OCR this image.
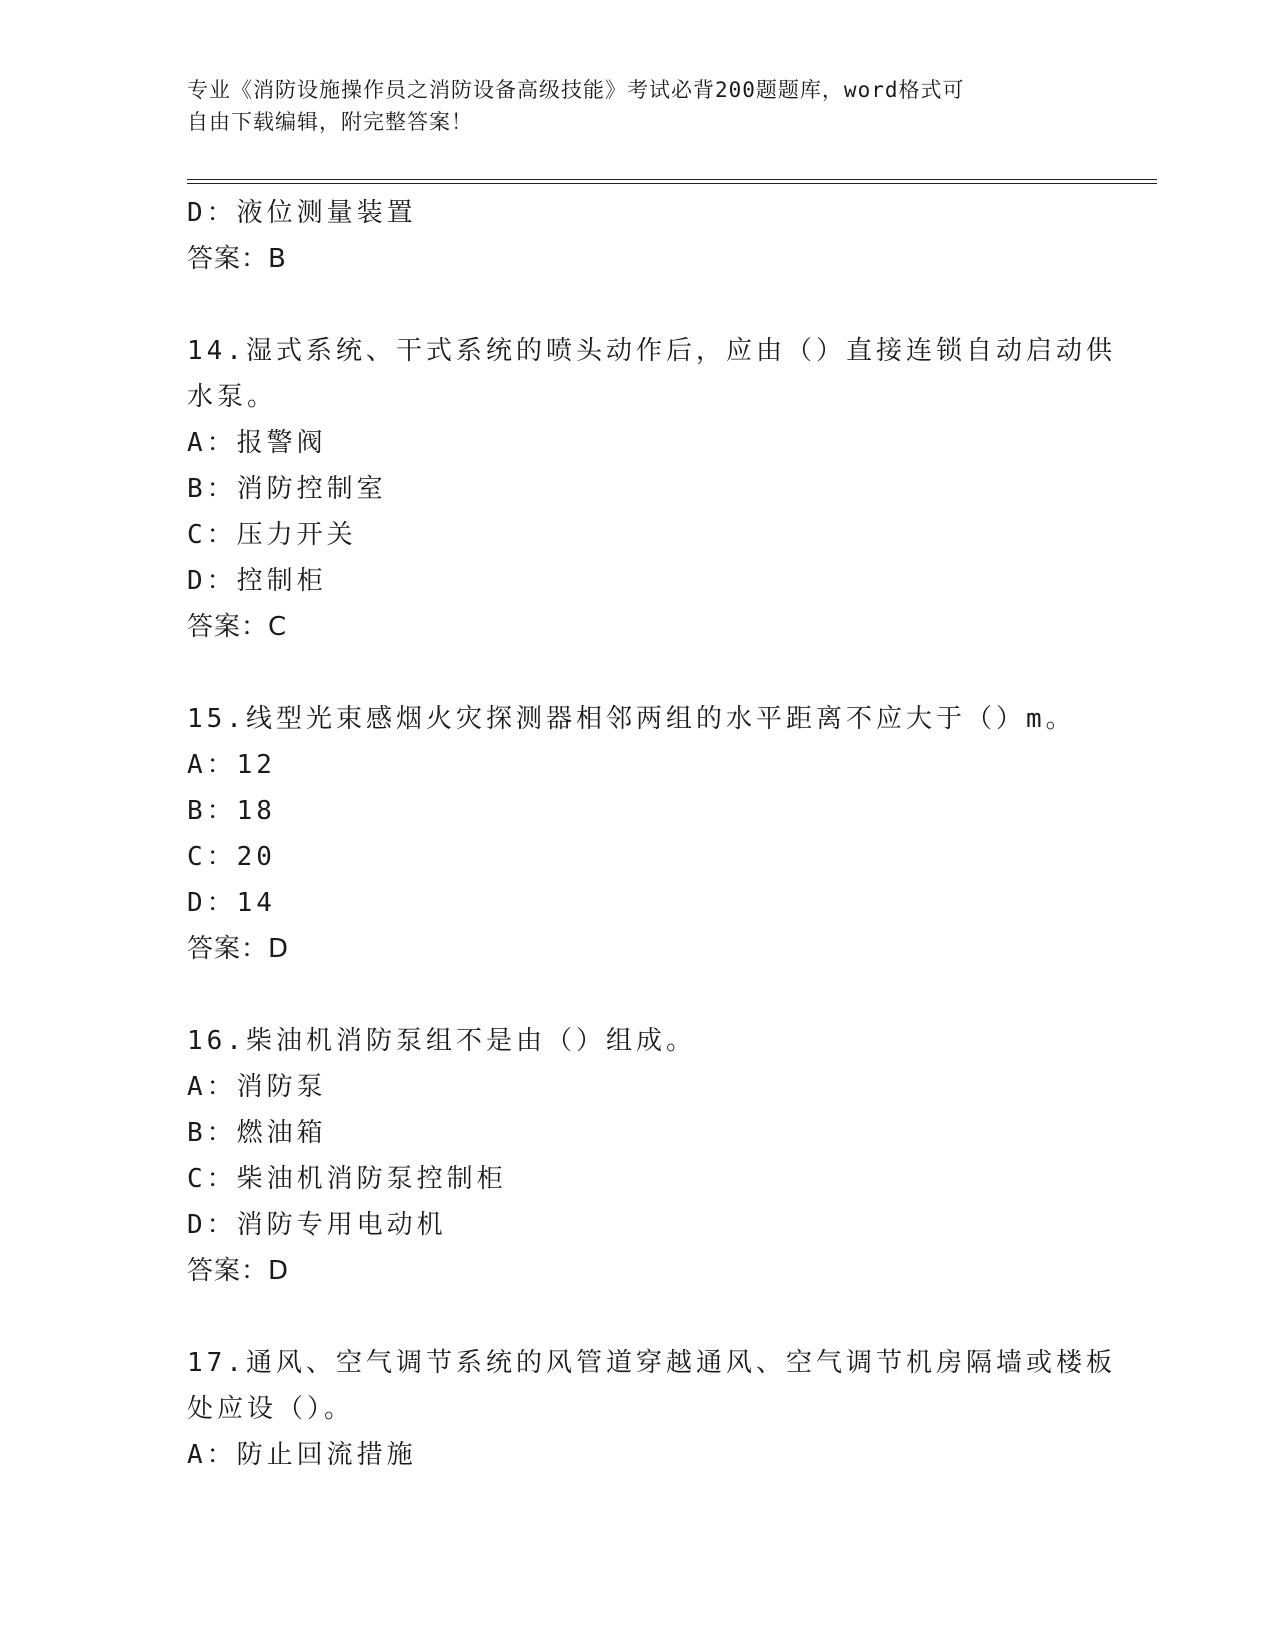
专业《消防设施操作员之消防设备高级技能》考试必背200题题库，word格式可
自由下载编辑，附完整答案！
D：液位测量装置
答案：B
14.湿式系统、干式系统的喷头动作后，应由（）直接连锁自动启动供
水泵。
A：报警阀
B：消防控制室
C：压力开关
D：控制柜
答案：C
15.线型光束感烟火灾探测器相邻两组的水平距离不应大于（）m。
A：12
B：18
C：20
D：14
答案：D
16.柴油机消防泵组不是由（）组成。
A：消防泵
B：燃油箱
C：柴油机消防泵控制柜
D：消防专用电动机
答案：D
17.通风、空气调节系统的风管道穿越通风、空气调节机房隔墙或楼板
处应设（）。
A：防止回流措施
